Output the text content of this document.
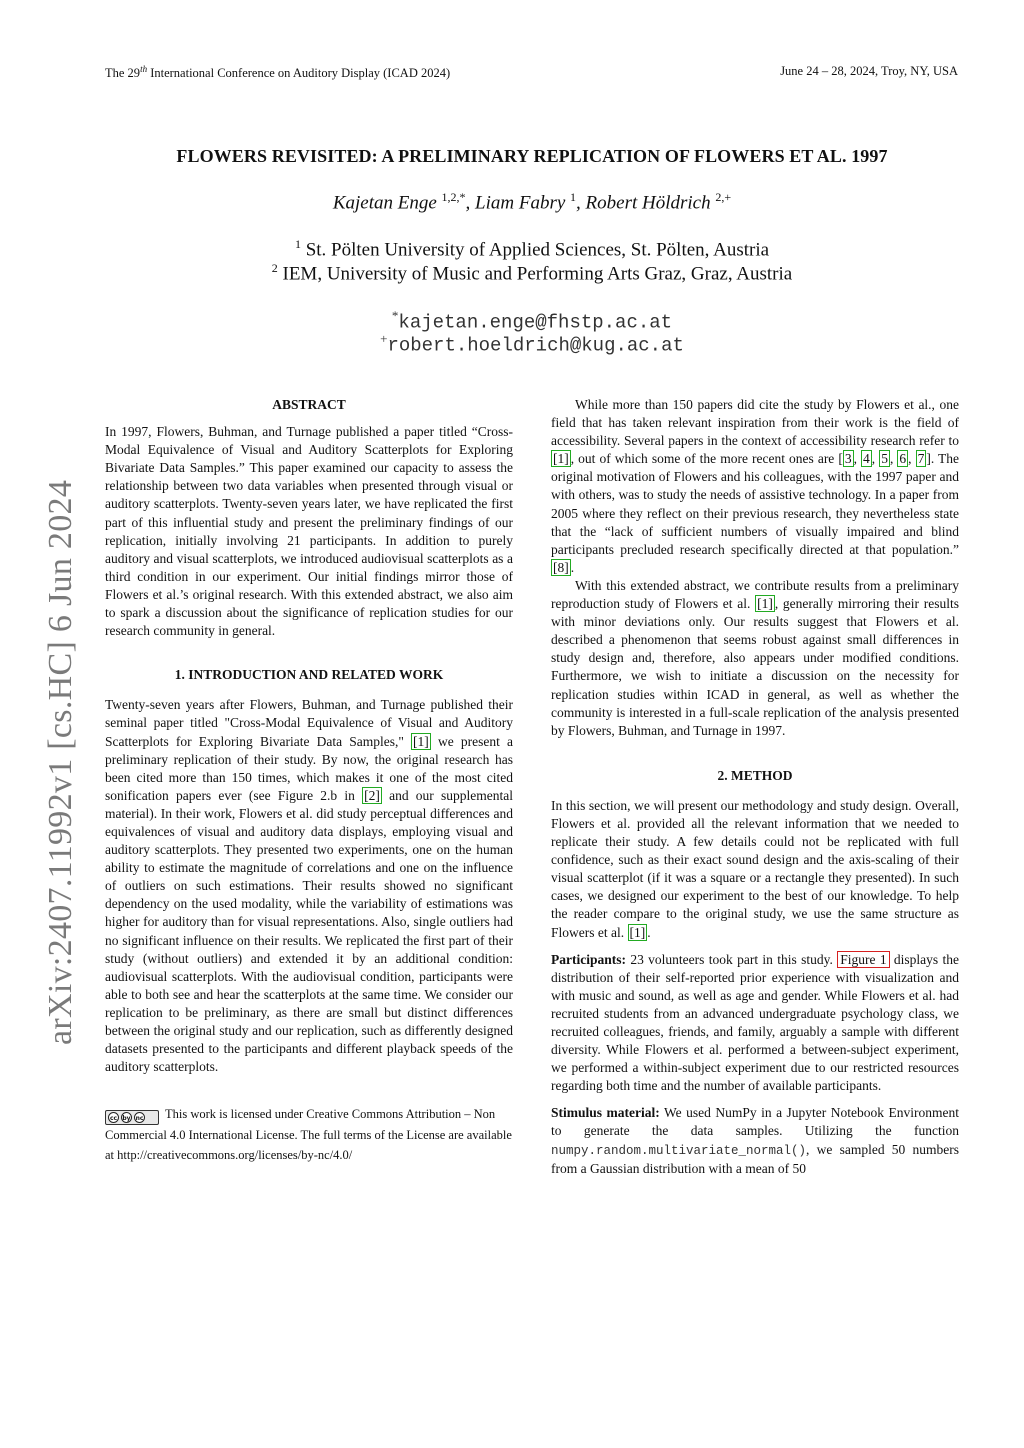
The 29th International Conference on Auditory Display (ICAD 2024)	June 24 – 28, 2024, Troy, NY, USA
arXiv:2407.11992v1 [cs.HC] 6 Jun 2024
FLOWERS REVISITED: A PRELIMINARY REPLICATION OF FLOWERS ET AL. 1997
Kajetan Enge $^{1,2,*}$, Liam Fabry $^1$, Robert Höldrich $^{2,+}$
$^1$ St. Pölten University of Applied Sciences, St. Pölten, Austria
$^2$ IEM, University of Music and Performing Arts Graz, Graz, Austria
*kajetan.enge@fhstp.ac.at
+robert.hoeldrich@kug.ac.at

ABSTRACT

In 1997, Flowers, Buhman, and Turnage published a paper titled “Cross-Modal Equivalence of Visual and Auditory Scatterplots for Exploring Bivariate Data Samples.” This paper examined our capacity to assess the relationship between two data variables when presented through visual or auditory scatterplots. Twenty-seven years later, we have replicated the first part of this influential study and present the preliminary findings of our replication, initially involving 21 participants. In addition to purely auditory and visual scatterplots, we introduced audiovisual scatterplots as a third condition in our experiment. Our initial findings mirror those of Flowers et al.’s original research. With this extended abstract, we also aim to spark a discussion about the significance of replication studies for our research community in general.

1. INTRODUCTION AND RELATED WORK

Twenty-seven years after Flowers, Buhman, and Turnage published their seminal paper titled "Cross-Modal Equivalence of Visual and Auditory Scatterplots for Exploring Bivariate Data Samples," [1] we present a preliminary replication of their study. By now, the original research has been cited more than 150 times, which makes it one of the most cited sonification papers ever (see Figure 2.b in [2] and our supplemental material). In their work, Flowers et al. did study perceptual differences and equivalences of visual and auditory data displays, employing visual and auditory scatterplots. They presented two experiments, one on the human ability to estimate the magnitude of correlations and one on the influence of outliers on such estimations. Their results showed no significant dependency on the used modality, while the variability of estimations was higher for auditory than for visual representations. Also, single outliers had no significant influence on their results. We replicated the first part of their study (without outliers) and extended it by an additional condition: audiovisual scatterplots. With the audiovisual condition, participants were able to both see and hear the scatterplots at the same time. We consider our replication to be preliminary, as there are small but distinct differences between the original study and our replication, such as differently designed datasets presented to the participants and different playback speeds of the auditory scatterplots.

cc by nc This work is licensed under Creative Commons Attribution – Non Commercial 4.0 International License. The full terms of the License are available at http://creativecommons.org/licenses/by-nc/4.0/

While more than 150 papers did cite the study by Flowers et al., one field that has taken relevant inspiration from their work is the field of accessibility. Several papers in the context of accessibility research refer to [1] , out of which some of the more recent ones are [ 3 , 4 , 5 , 6 , 7 ]. The original motivation of Flowers and his colleagues, with the 1997 paper and with others, was to study the needs of assistive technology. In a paper from 2005 where they reflect on their previous research, they nevertheless state that the “lack of sufficient numbers of visually impaired and blind participants precluded research specifically directed at that population.” [8] .

With this extended abstract, we contribute results from a preliminary reproduction study of Flowers et al. [1] , generally mirroring their results with minor deviations only. Our results suggest that Flowers et al. described a phenomenon that seems robust against small differences in study design and, therefore, also appears under modified conditions. Furthermore, we wish to initiate a discussion on the necessity for replication studies within ICAD in general, as well as whether the community is interested in a full-scale replication of the analysis presented by Flowers, Buhman, and Turnage in 1997.

2. METHOD

In this section, we will present our methodology and study design. Overall, Flowers et al. provided all the relevant information that we needed to replicate their study. A few details could not be replicated with full confidence, such as their exact sound design and the axis-scaling of their visual scatterplot (if it was a square or a rectangle they presented). In such cases, we designed our experiment to the best of our knowledge. To help the reader compare to the original study, we use the same structure as Flowers et al. [1] .

Participants: 23 volunteers took part in this study. Figure 1 displays the distribution of their self-reported prior experience with visualization and with music and sound, as well as age and gender. While Flowers et al. had recruited students from an advanced undergraduate psychology class, we recruited colleagues, friends, and family, arguably a sample with different diversity. While Flowers et al. performed a between-subject experiment, we performed a within-subject experiment due to our restricted resources regarding both time and the number of available participants.

Stimulus material: We used NumPy in a Jupyter Notebook Environment to generate the data samples. Utilizing the function numpy.random.multivariate_normal(), we sampled 50 numbers from a Gaussian distribution with a mean of 50
